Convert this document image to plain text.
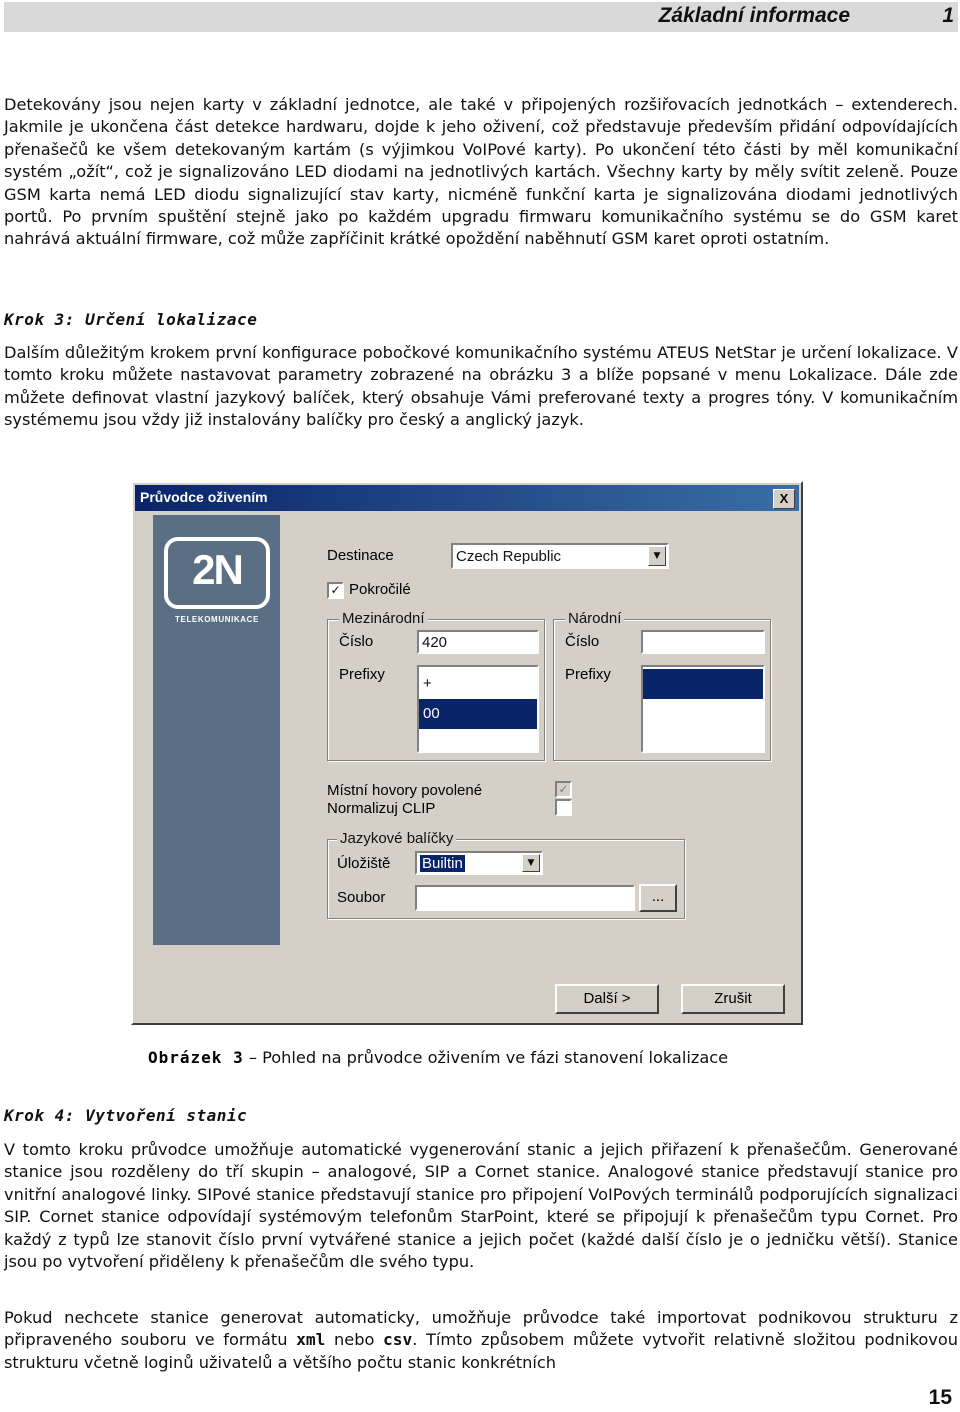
Základní informace	1

Detekovány jsou nejen karty v základní jednotce, ale také v připojených rozšiřovacích jednotkách – extenderech. Jakmile je ukončena část detekce hardwaru, dojde k jeho oživení, což představuje především přidání odpovídajících přenašečů ke všem detekovaným kartám (s výjimkou VoIPové karty). Po ukončení této části by měl komunikační systém „ožít“, což je signalizováno LED diodami na jednotlivých kartách. Všechny karty by měly svítit zeleně. Pouze GSM karta nemá LED diodu signalizující stav karty, nicméně funkční karta je signalizována diodami jednotlivých portů. Po prvním spuštění stejně jako po každém upgradu firmwaru komunikačního systému se do GSM karet nahrává aktuální firmware, což může zapříčinit krátké opoždění naběhnutí GSM karet oproti ostatním.

Krok 3: Určení lokalizace

Dalším důležitým krokem první konfigurace pobočkové komunikačního systému ATEUS NetStar je určení lokalizace. V tomto kroku můžete nastavovat parametry zobrazené na obrázku 3 a blíže popsané v menu Lokalizace. Dále zde můžete definovat vlastní jazykový balíček, který obsahuje Vámi preferované texty a progres tóny. V komunikačním systémemu jsou vždy již instalovány balíčky pro český a anglický jazyk.

Průvodce oživením	X
2N
TELEKOMUNIKACE
Destinace	Czech Republic	▼
✓ Pokročilé
Mezinárodní
Číslo	420
Prefixy
+
00
Národní
Číslo
Prefixy
Místní hovory povolené	✓
Normalizuj CLIP
Jazykové balíčky
Úložiště Builtin	▼
Soubor	...
Další >	Zrušit
Obrázek 3 – Pohled na průvodce oživením ve fázi stanovení lokalizace

Krok 4: Vytvoření stanic

V tomto kroku průvodce umožňuje automatické vygenerování stanic a jejich přiřazení k přenašečům. Generované stanice jsou rozděleny do tří skupin – analogové, SIP a Cornet stanice. Analogové stanice představují stanice pro vnitřní analogové linky. SIPové stanice představují stanice pro připojení VoIPových terminálů podporujících signalizaci SIP. Cornet stanice odpovídají systémovým telefonům StarPoint, které se připojují k přenašečům typu Cornet. Pro každý z typů lze stanovit číslo první vytvářené stanice a jejich počet (každé další číslo je o jedničku větší). Stanice jsou po vytvoření přiděleny k přenašečům dle svého typu.

Pokud nechcete stanice generovat automaticky, umožňuje průvodce také importovat podnikovou strukturu z připraveného souboru ve formátu xml nebo csv. Tímto způsobem můžete vytvořit relativně složitou podnikovou strukturu včetně loginů uživatelů a většího počtu stanic konkrétních

15
